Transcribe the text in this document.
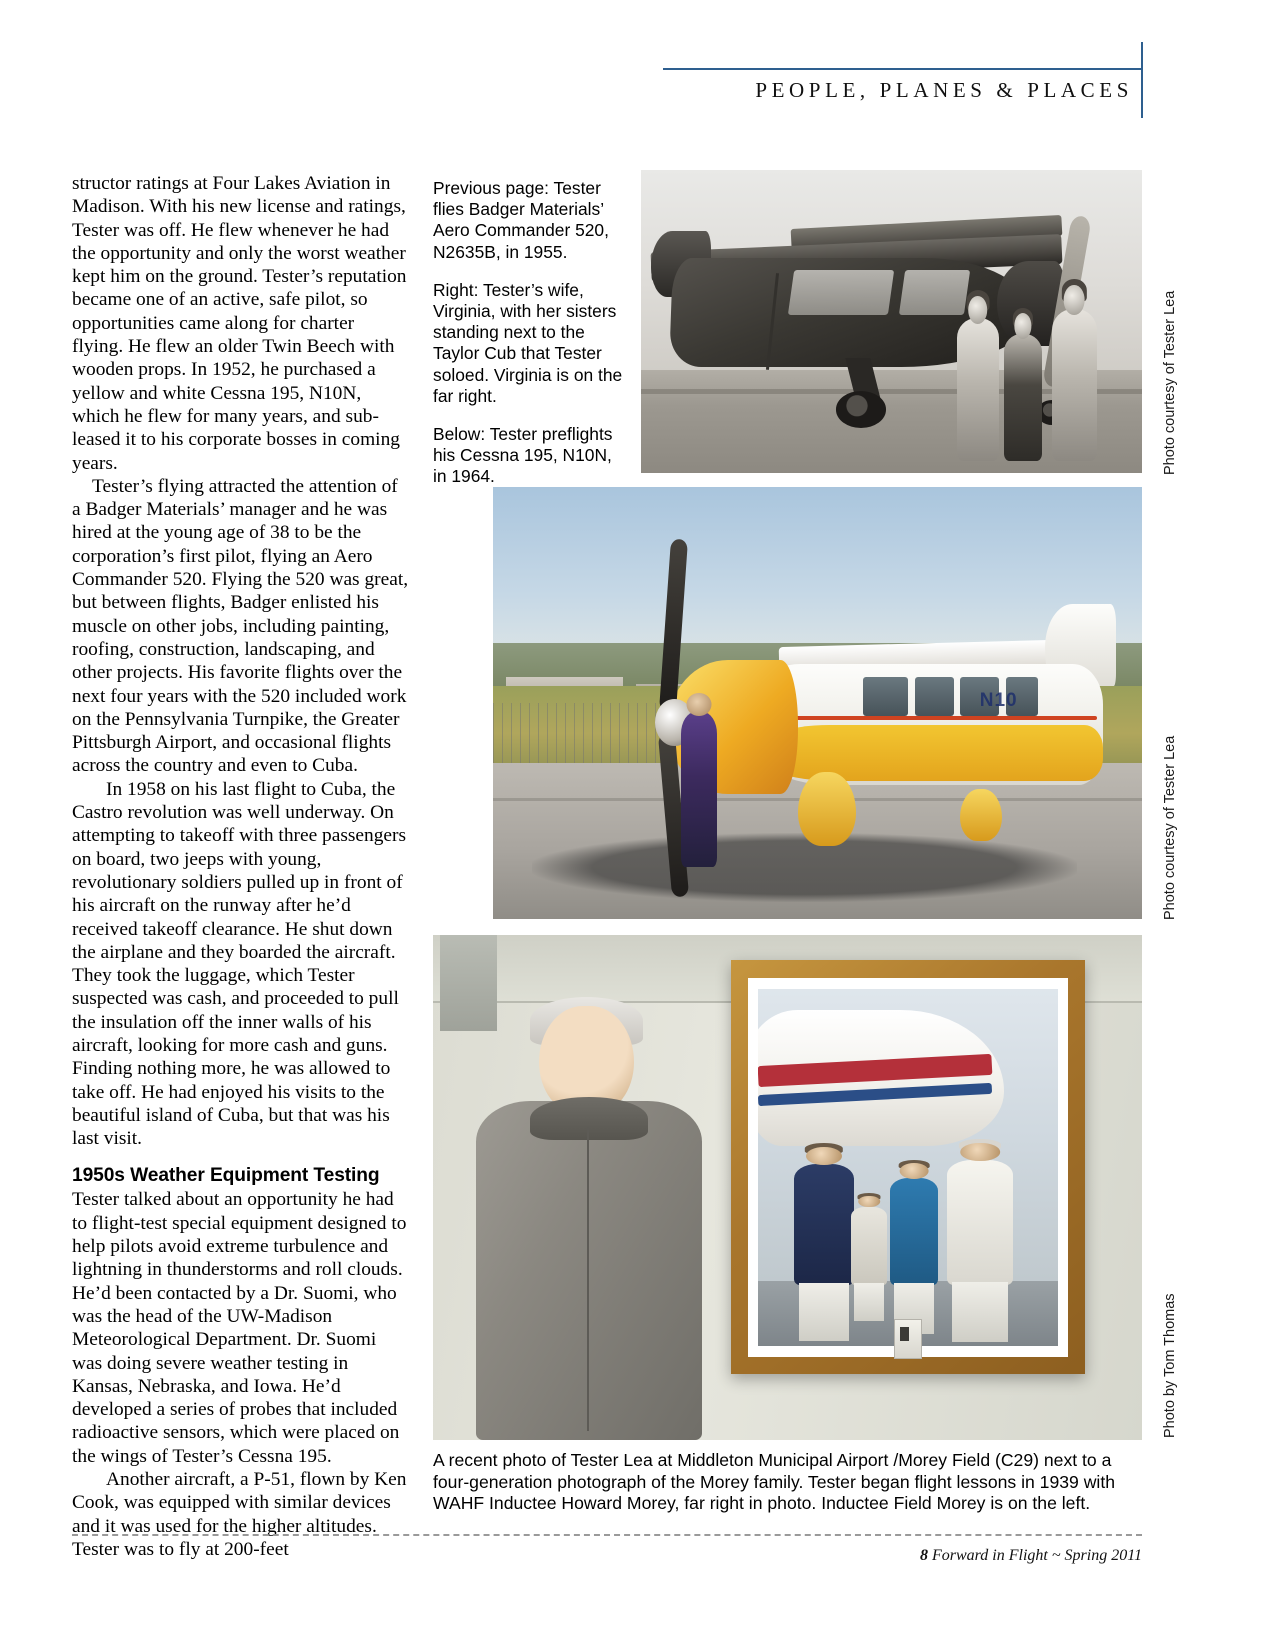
PEOPLE, PLANES & PLACES

structor ratings at Four Lakes Aviation in Madison. With his new license and ratings, Tester was off. He flew whenever he had the opportunity and only the worst weather kept him on the ground. Tester’s reputation became one of an active, safe pilot, so opportunities came along for charter flying. He flew an older Twin Beech with wooden props. In 1952, he purchased a yellow and white Cessna 195, N10N, which he flew for many years, and sub-leased it to his corporate bosses in coming years.

Tester’s flying attracted the attention of a Badger Materials’ manager and he was hired at the young age of 38 to be the corporation’s first pilot, flying an Aero Commander 520. Flying the 520 was great, but between flights, Badger enlisted his muscle on other jobs, including painting, roofing, construction, landscaping, and other projects. His favorite flights over the next four years with the 520 included work on the Pennsylvania Turnpike, the Greater Pittsburgh Airport, and occasional flights across the country and even to Cuba.

In 1958 on his last flight to Cuba, the Castro revolution was well underway. On attempting to takeoff with three passengers on board, two jeeps with young, revolutionary soldiers pulled up in front of his aircraft on the runway after he’d received takeoff clearance. He shut down the airplane and they boarded the aircraft. They took the luggage, which Tester suspected was cash, and proceeded to pull the insulation off the inner walls of his aircraft, looking for more cash and guns. Finding nothing more, he was allowed to take off. He had enjoyed his visits to the beautiful island of Cuba, but that was his last visit.

1950s Weather Equipment Testing

Tester talked about an opportunity he had to flight-test special equipment designed to help pilots avoid extreme turbulence and lightning in thunderstorms and roll clouds. He’d been contacted by a Dr. Suomi, who was the head of the UW-Madison Meteorological Department. Dr. Suomi was doing severe weather testing in Kansas, Nebraska, and Iowa. He’d developed a series of probes that included radioactive sensors, which were placed on the wings of Tester’s Cessna 195.

Another aircraft, a P-51, flown by Ken Cook, was equipped with similar devices and it was used for the higher altitudes. Tester was to fly at 200-feet

Previous page: Tester flies Badger Materials’ Aero Commander 520, N2635B, in 1955.

Right: Tester’s wife, Virginia, with her sisters standing next to the Taylor Cub that Tester soloed. Virginia is on the far right.

Below: Tester preflights his Cessna 195, N10N, in 1964.

Photo courtesy of Tester Lea
N10
Photo courtesy of Tester Lea
Photo by Tom Thomas
A recent photo of Tester Lea at Middleton Municipal Airport /Morey Field (C29) next to a four-generation photograph of the Morey family. Tester began flight lessons in 1939 with WAHF Inductee Howard Morey, far right in photo. Inductee Field Morey is on the left.
8 Forward in Flight ~ Spring 2011
